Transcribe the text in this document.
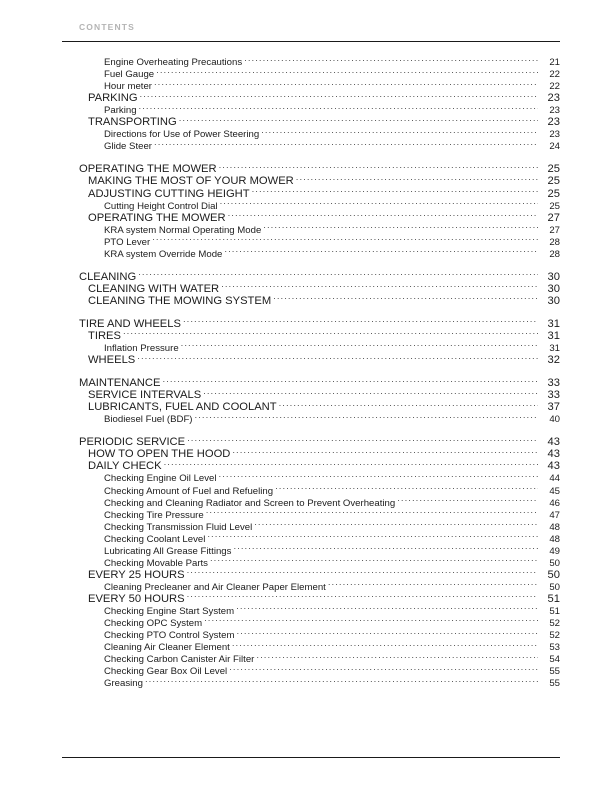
CONTENTS
Engine Overheating Precautions .....	21
Fuel Gauge .....	22
Hour meter .....	22
PARKING .....	23
Parking .....	23
TRANSPORTING .....	23
Directions for Use of Power Steering .....	23
Glide Steer .....	24
OPERATING THE MOWER .....	25
MAKING THE MOST OF YOUR MOWER .....	25
ADJUSTING CUTTING HEIGHT .....	25
Cutting Height Control Dial .....	25
OPERATING THE MOWER .....	27
KRA system Normal Operating Mode .....	27
PTO Lever .....	28
KRA system Override Mode .....	28
CLEANING .....	30
CLEANING WITH WATER .....	30
CLEANING THE MOWING SYSTEM .....	30
TIRE AND WHEELS .....	31
TIRES .....	31
Inflation Pressure .....	31
WHEELS .....	32
MAINTENANCE .....	33
SERVICE INTERVALS .....	33
LUBRICANTS, FUEL AND COOLANT .....	37
Biodiesel Fuel (BDF) .....	40
PERIODIC SERVICE .....	43
HOW TO OPEN THE HOOD .....	43
DAILY CHECK .....	43
Checking Engine Oil Level .....	44
Checking Amount of Fuel and Refueling .....	45
Checking and Cleaning Radiator and Screen to Prevent Overheating .....	46
Checking Tire Pressure .....	47
Checking Transmission Fluid Level .....	48
Checking Coolant Level .....	48
Lubricating All Grease Fittings .....	49
Checking Movable Parts .....	50
EVERY 25 HOURS .....	50
Cleaning Precleaner and Air Cleaner Paper Element .....	50
EVERY 50 HOURS .....	51
Checking Engine Start System .....	51
Checking OPC System .....	52
Checking PTO Control System .....	52
Cleaning Air Cleaner Element .....	53
Checking Carbon Canister Air Filter .....	54
Checking Gear Box Oil Level .....	55
Greasing .....	55
